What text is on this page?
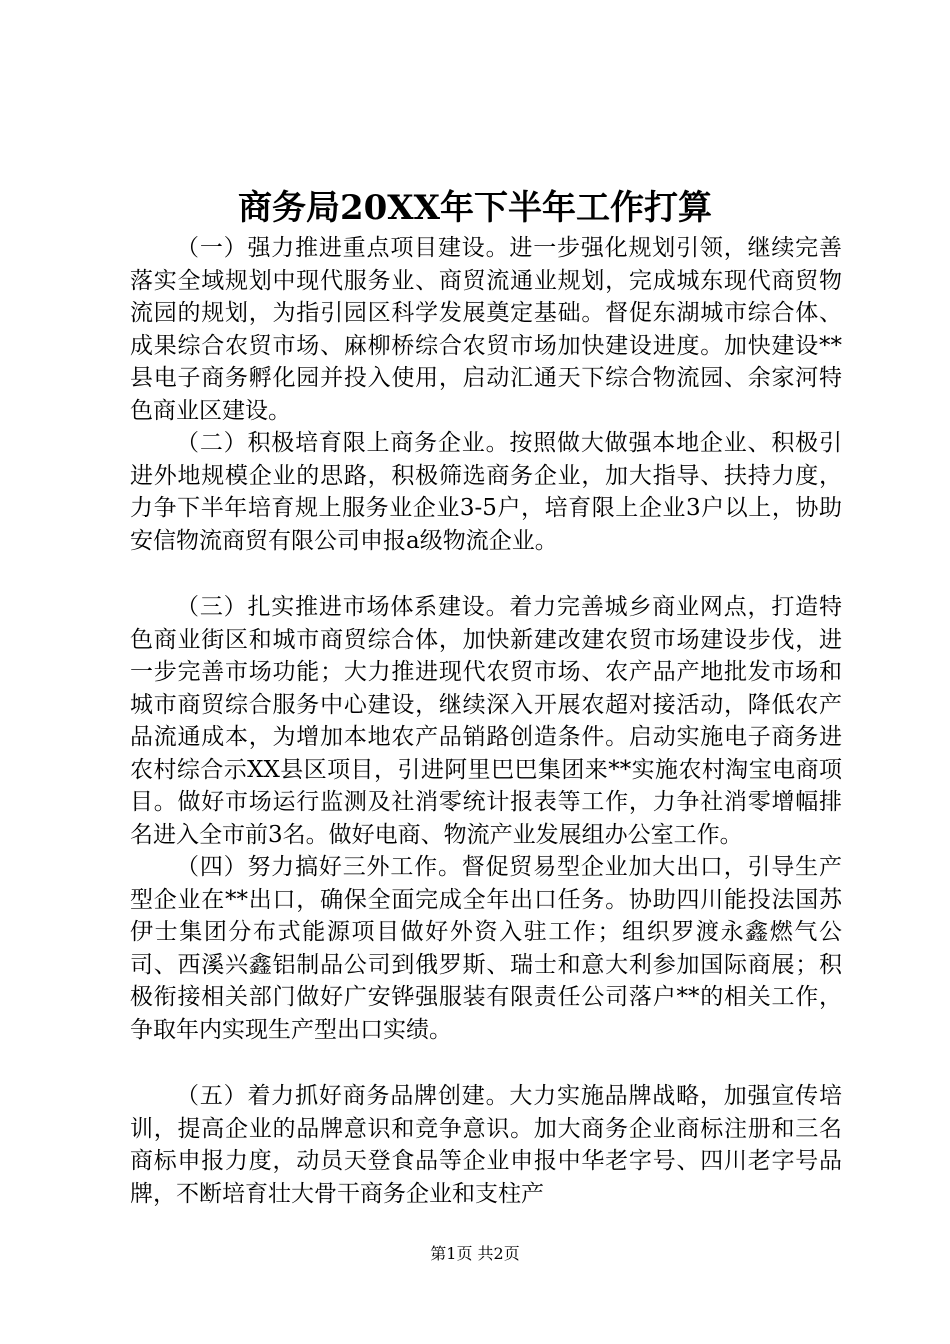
商务局20XX年下半年工作打算

（一）强力推进重点项目建设。进一步强化规划引领，继续完善落实全域规划中现代服务业、商贸流通业规划，完成城东现代商贸物流园的规划，为指引园区科学发展奠定基础。督促东湖城市综合体、成果综合农贸市场、麻柳桥综合农贸市场加快建设进度。加快建设**县电子商务孵化园并投入使用，启动汇通天下综合物流园、余家河特色商业区建设。

（二）积极培育限上商务企业。按照做大做强本地企业、积极引进外地规模企业的思路，积极筛选商务企业，加大指导、扶持力度，力争下半年培育规上服务业企业3-5户，培育限上企业3户以上，协助安信物流商贸有限公司申报a级物流企业。

（三）扎实推进市场体系建设。着力完善城乡商业网点，打造特色商业街区和城市商贸综合体，加快新建改建农贸市场建设步伐，进一步完善市场功能；大力推进现代农贸市场、农产品产地批发市场和城市商贸综合服务中心建设，继续深入开展农超对接活动，降低农产品流通成本，为增加本地农产品销路创造条件。启动实施电子商务进农村综合示XX县区项目，引进阿里巴巴集团来**实施农村淘宝电商项目。做好市场运行监测及社消零统计报表等工作，力争社消零增幅排名进入全市前3名。做好电商、物流产业发展组办公室工作。

（四）努力搞好三外工作。督促贸易型企业加大出口，引导生产型企业在**出口，确保全面完成全年出口任务。协助四川能投法国苏伊士集团分布式能源项目做好外资入驻工作；组织罗渡永鑫燃气公司、西溪兴鑫铝制品公司到俄罗斯、瑞士和意大利参加国际商展；积极衔接相关部门做好广安铧强服装有限责任公司落户**的相关工作，争取年内实现生产型出口实绩。

（五）着力抓好商务品牌创建。大力实施品牌战略，加强宣传培训，提高企业的品牌意识和竞争意识。加大商务企业商标注册和三名商标申报力度，动员天登食品等企业申报中华老字号、四川老字号品牌，不断培育壮大骨干商务企业和支柱产

第1页 共2页
